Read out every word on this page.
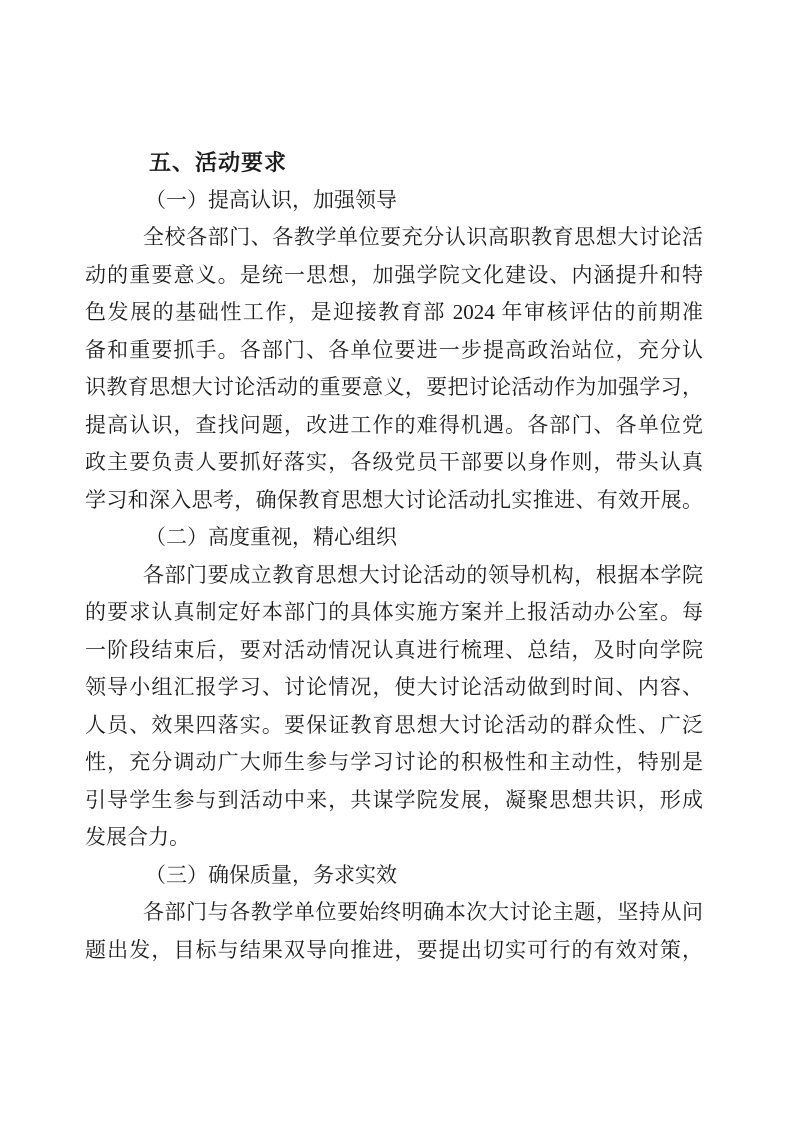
五、活动要求
（一）提高认识，加强领导
全校各部门、各教学单位要充分认识高职教育思想大讨论活
动的重要意义。是统一思想，加强学院文化建设、内涵提升和特
色发展的基础性工作，是迎接教育部 2024 年审核评估的前期准
备和重要抓手。各部门、各单位要进一步提高政治站位，充分认
识教育思想大讨论活动的重要意义，要把讨论活动作为加强学习，
提高认识，查找问题，改进工作的难得机遇。各部门、各单位党
政主要负责人要抓好落实，各级党员干部要以身作则，带头认真
学习和深入思考，确保教育思想大讨论活动扎实推进、有效开展。
（二）高度重视，精心组织
各部门要成立教育思想大讨论活动的领导机构，根据本学院
的要求认真制定好本部门的具体实施方案并上报活动办公室。每
一阶段结束后，要对活动情况认真进行梳理、总结，及时向学院
领导小组汇报学习、讨论情况，使大讨论活动做到时间、内容、
人员、效果四落实。要保证教育思想大讨论活动的群众性、广泛
性，充分调动广大师生参与学习讨论的积极性和主动性，特别是
引导学生参与到活动中来，共谋学院发展，凝聚思想共识，形成
发展合力。
（三）确保质量，务求实效
各部门与各教学单位要始终明确本次大讨论主题，坚持从问
题出发，目标与结果双导向推进，要提出切实可行的有效对策，
